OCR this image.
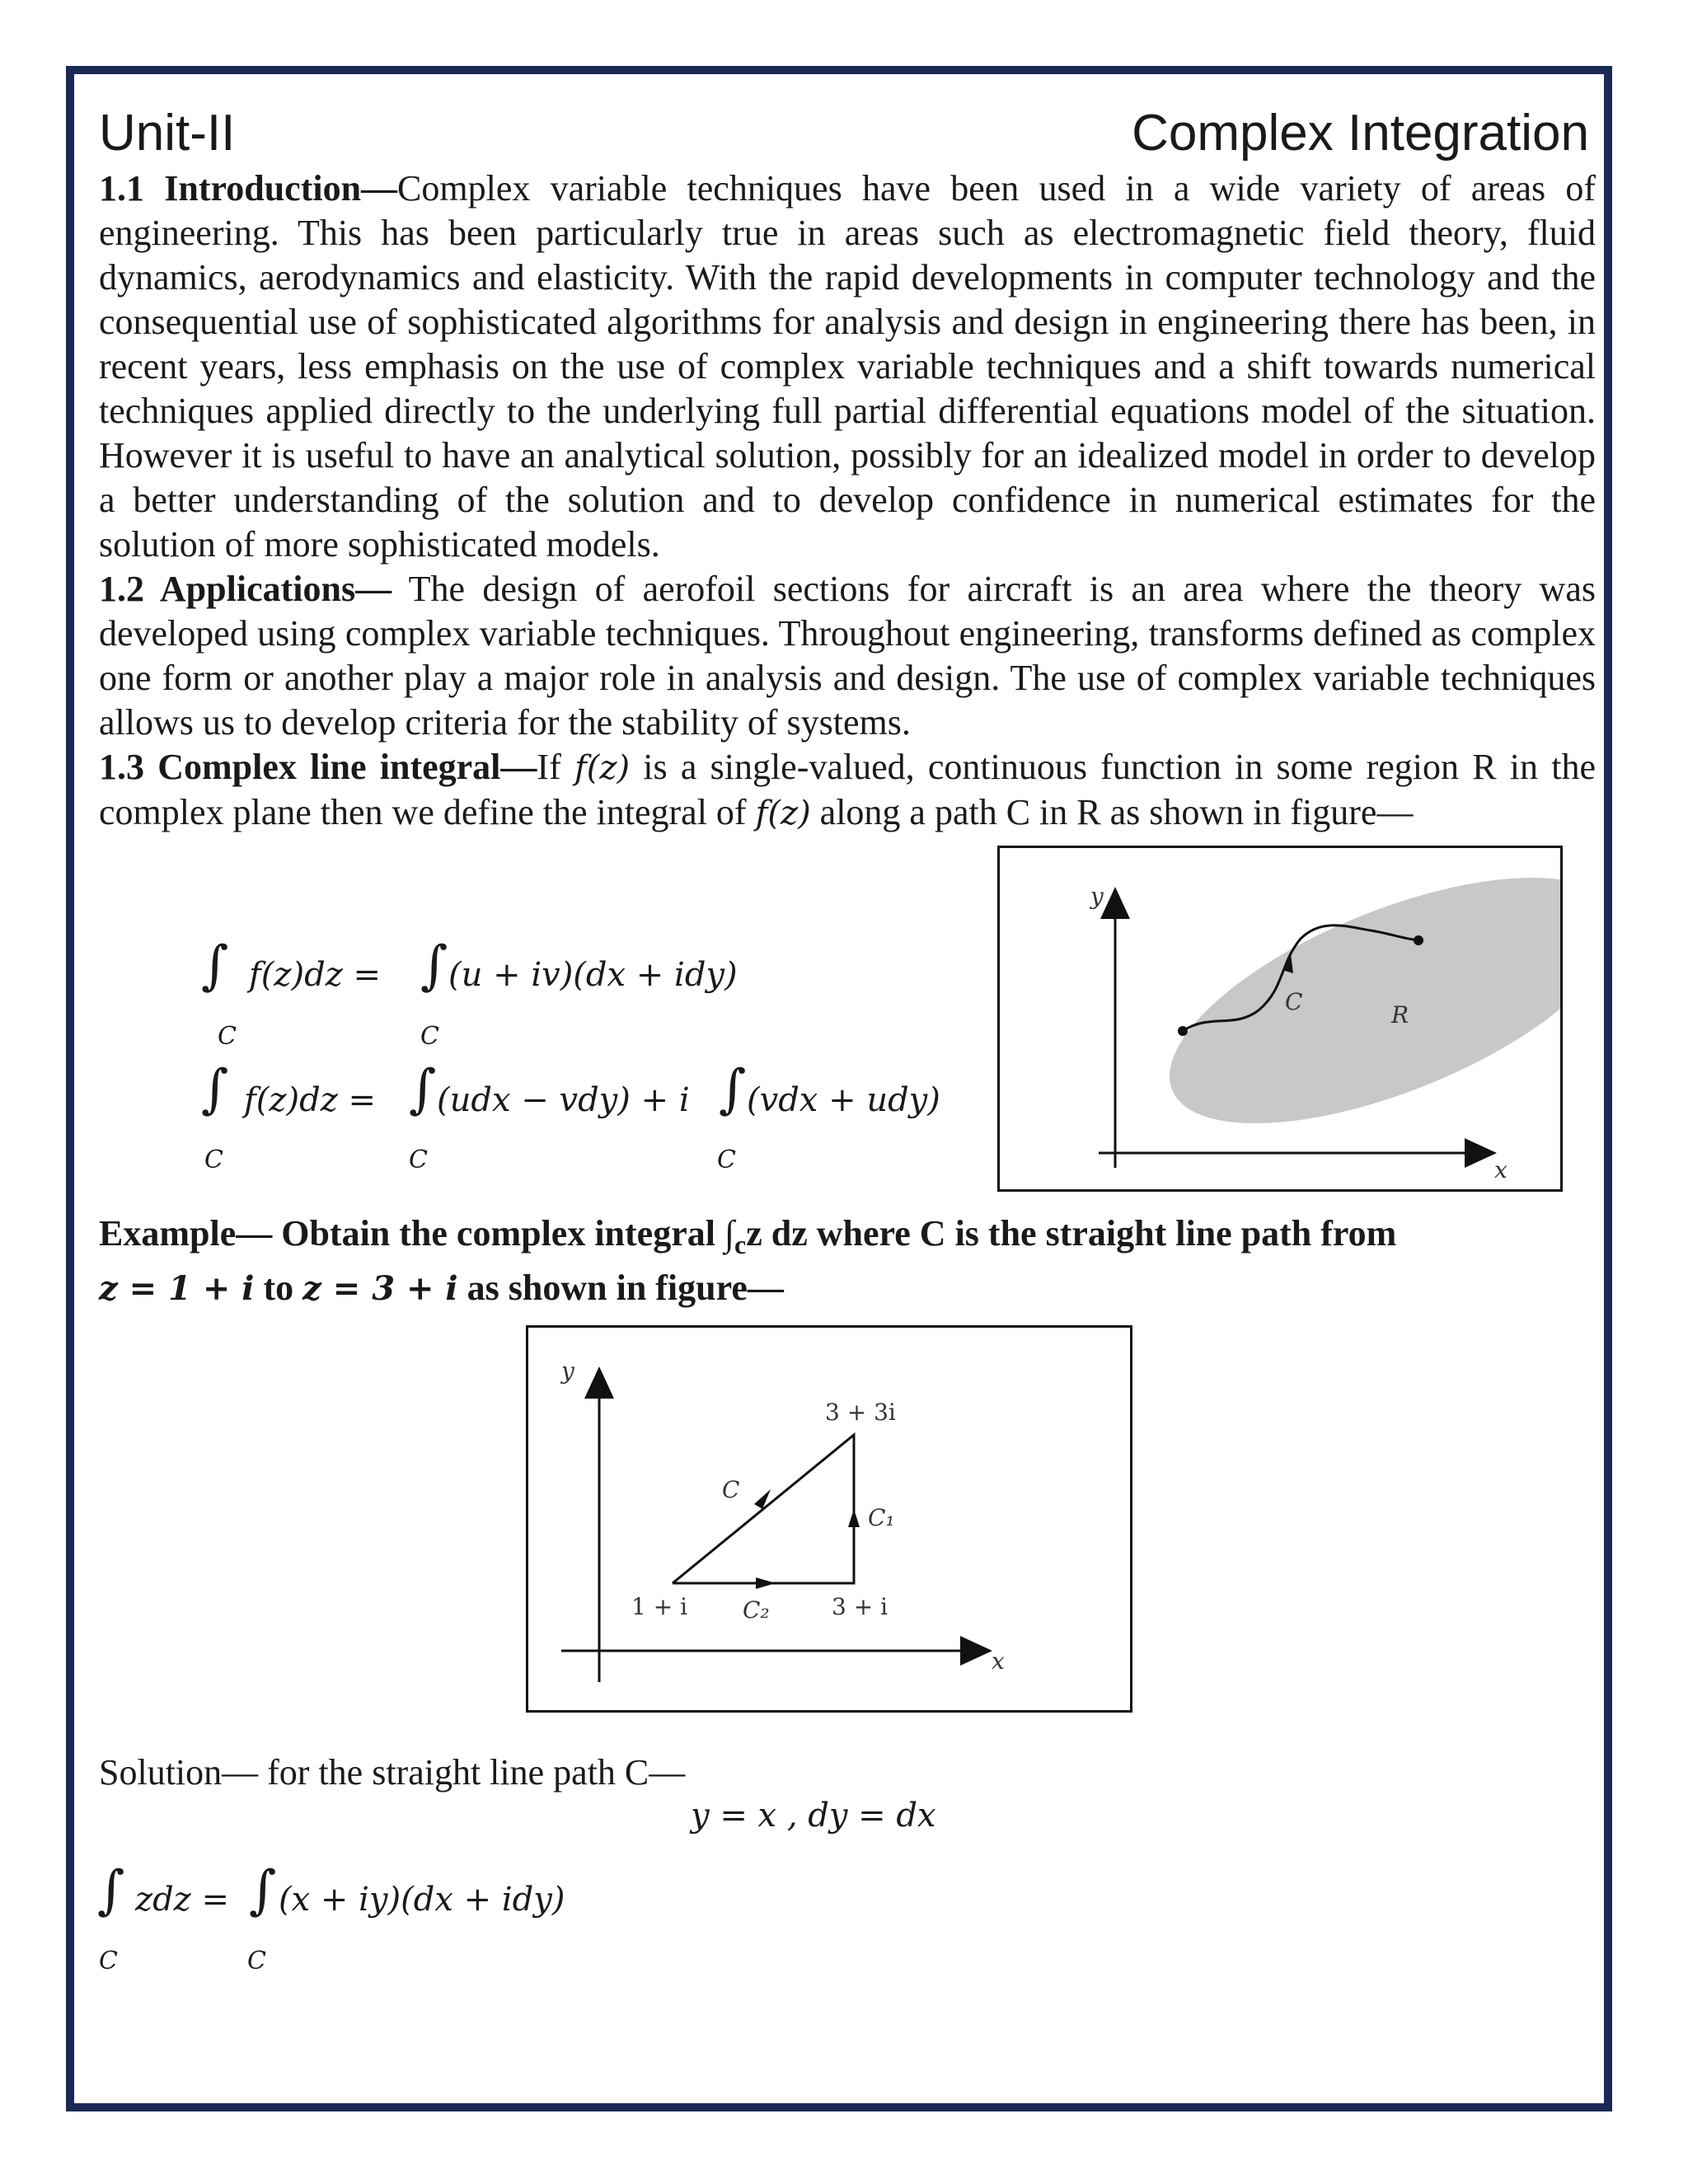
Unit-II	Complex Integration

1.1 Introduction—Complex variable techniques have been used in a wide variety of areas of engineering. This has been particularly true in areas such as electromagnetic field theory, fluid dynamics, aerodynamics and elasticity. With the rapid developments in computer technology and the consequential use of sophisticated algorithms for analysis and design in engineering there has been, in recent years, less emphasis on the use of complex variable techniques and a shift towards numerical techniques applied directly to the underlying full partial differential equations model of the situation. However it is useful to have an analytical solution, possibly for an idealized model in order to develop a better understanding of the solution and to develop confidence in numerical estimates for the solution of more sophisticated models.

1.2 Applications— The design of aerofoil sections for aircraft is an area where the theory was developed using complex variable techniques. Throughout engineering, transforms defined as complex one form or another play a major role in analysis and design. The use of complex variable techniques allows us to develop criteria for the stability of systems.

1.3 Complex line integral—If f(z) is a single-valued, continuous function in some region R in the complex plane then we define the integral of f(z) along a path C in R as shown in figure—

∫
C
f(z)dz = ∫
C
(u + iv)(dx + idy)
∫
C
f(z)dz = ∫
C
(udx − vdy) + i ∫
C
(vdx + udy)
y
x
C	R
Example— Obtain the complex integral $\int_cz$ dz where C is the straight line path from
z = 1 + i to z = 3 + i as shown in figure—
y
x
1 + i	3 + i
3 + 3i
C
C₁
C₂
Solution— for the straight line path C—
y = x , dy = dx
∫
C
zdz = ∫
C
(x + iy)(dx + idy)
